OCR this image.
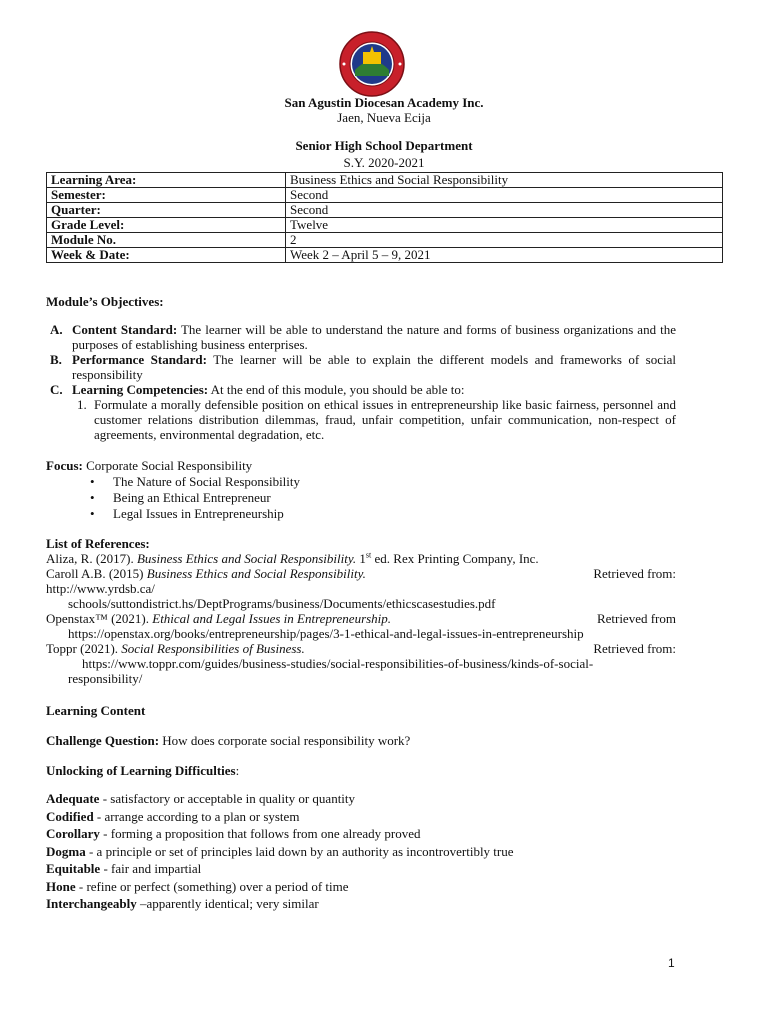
San Agustin Diocesan Academy Inc.
Jaen, Nueva Ecija
Senior High School Department
S.Y. 2020-2021
Learning Area:	Business Ethics and Social Responsibility
Semester:	Second
Quarter:	Second
Grade Level:	Twelve
Module No.	2
Week & Date:	Week 2 – April 5 – 9, 2021
Module’s Objectives:
A. Content Standard: The learner will be able to understand the nature and forms of business organizations and the purposes of establishing business enterprises.
B. Performance Standard: The learner will be able to explain the different models and frameworks of social responsibility
C. Learning Competencies: At the end of this module, you should be able to:
1. Formulate a morally defensible position on ethical issues in entrepreneurship like basic fairness, personnel and customer relations distribution dilemmas, fraud, unfair competition, unfair communication, non-respect of agreements, environmental degradation, etc.
Focus: Corporate Social Responsibility
• The Nature of Social Responsibility
• Being an Ethical Entrepreneur
• Legal Issues in Entrepreneurship
List of References:
Aliza, R. (2017). Business Ethics and Social Responsibility. 1st ed. Rex Printing Company, Inc.
Caroll A.B. (2015) Business Ethics and Social Responsibility.	Retrieved from:
http://www.yrdsb.ca/
schools/suttondistrict.hs/DeptPrograms/business/Documents/ethicscasestudies.pdf
Openstax™ (2021). Ethical and Legal Issues in Entrepreneurship.	Retrieved from
https://openstax.org/books/entrepreneurship/pages/3-1-ethical-and-legal-issues-in-entrepreneurship
Toppr (2021). Social Responsibilities of Business.	Retrieved from:
https://www.toppr.com/guides/business-studies/social-responsibilities-of-business/kinds-of-social-
responsibility/
Learning Content
Challenge Question: How does corporate social responsibility work?
Unlocking of Learning Difficulties:
Adequate - satisfactory or acceptable in quality or quantity
Codified - arrange according to a plan or system
Corollary - forming a proposition that follows from one already proved
Dogma - a principle or set of principles laid down by an authority as incontrovertibly true
Equitable - fair and impartial
Hone - refine or perfect (something) over a period of time
Interchangeably –apparently identical; very similar
1
